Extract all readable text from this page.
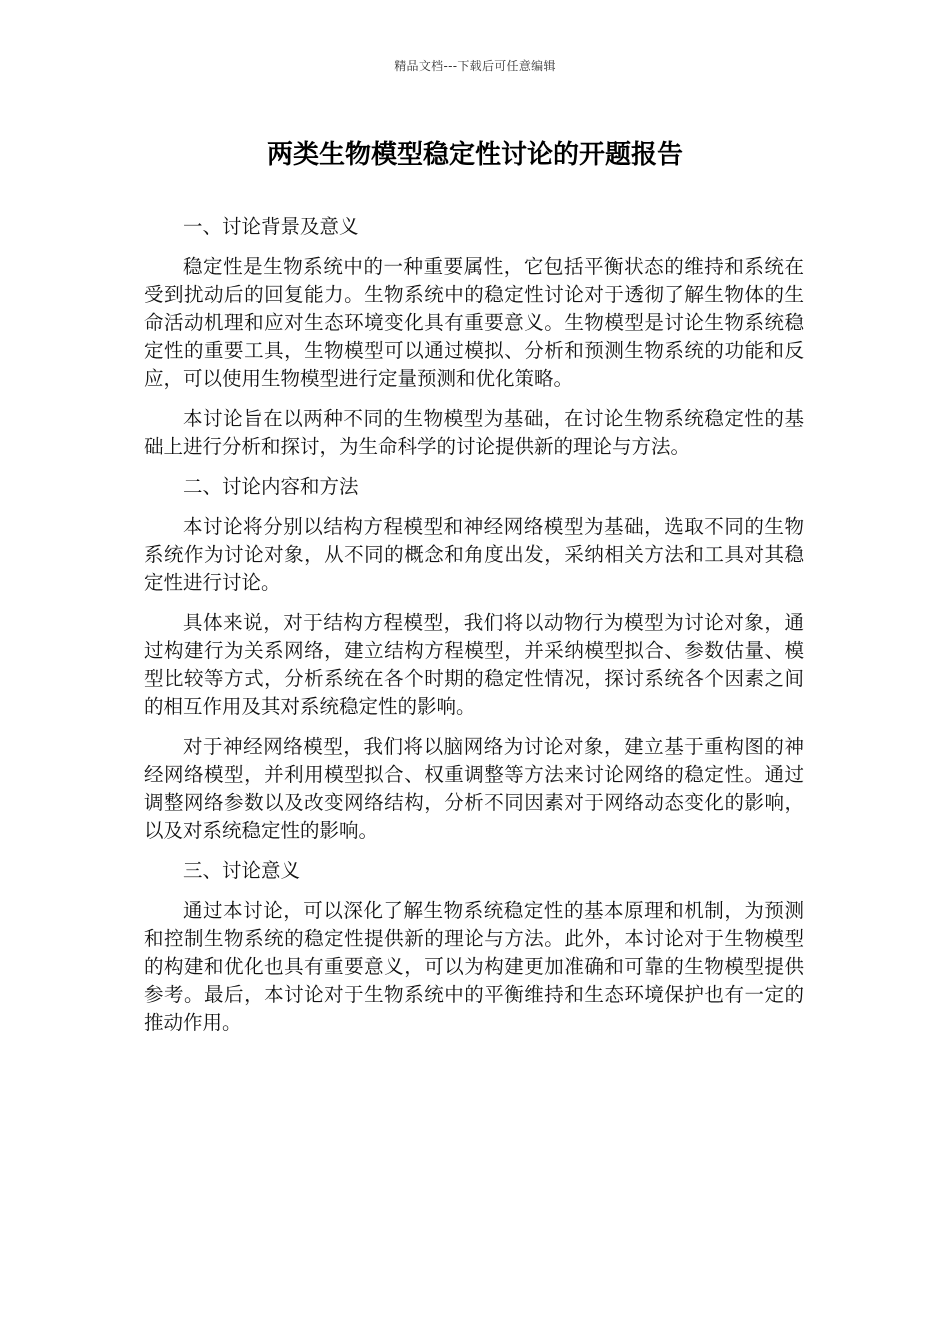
精品文档---下载后可任意编辑
两类生物模型稳定性讨论的开题报告
一、讨论背景及意义

稳定性是生物系统中的一种重要属性，它包括平衡状态的维持和系统在受到扰动后的回复能力。生物系统中的稳定性讨论对于透彻了解生物体的生命活动机理和应对生态环境变化具有重要意义。生物模型是讨论生物系统稳定性的重要工具，生物模型可以通过模拟、分析和预测生物系统的功能和反应，可以使用生物模型进行定量预测和优化策略。

本讨论旨在以两种不同的生物模型为基础，在讨论生物系统稳定性的基础上进行分析和探讨，为生命科学的讨论提供新的理论与方法。

二、讨论内容和方法

本讨论将分别以结构方程模型和神经网络模型为基础，选取不同的生物系统作为讨论对象，从不同的概念和角度出发，采纳相关方法和工具对其稳定性进行讨论。

具体来说，对于结构方程模型，我们将以动物行为模型为讨论对象，通过构建行为关系网络，建立结构方程模型，并采纳模型拟合、参数估量、模型比较等方式，分析系统在各个时期的稳定性情况，探讨系统各个因素之间的相互作用及其对系统稳定性的影响。

对于神经网络模型，我们将以脑网络为讨论对象，建立基于重构图的神经网络模型，并利用模型拟合、权重调整等方法来讨论网络的稳定性。通过调整网络参数以及改变网络结构，分析不同因素对于网络动态变化的影响，以及对系统稳定性的影响。

三、讨论意义

通过本讨论，可以深化了解生物系统稳定性的基本原理和机制，为预测和控制生物系统的稳定性提供新的理论与方法。此外，本讨论对于生物模型的构建和优化也具有重要意义，可以为构建更加准确和可靠的生物模型提供参考。最后，本讨论对于生物系统中的平衡维持和生态环境保护也有一定的推动作用。
